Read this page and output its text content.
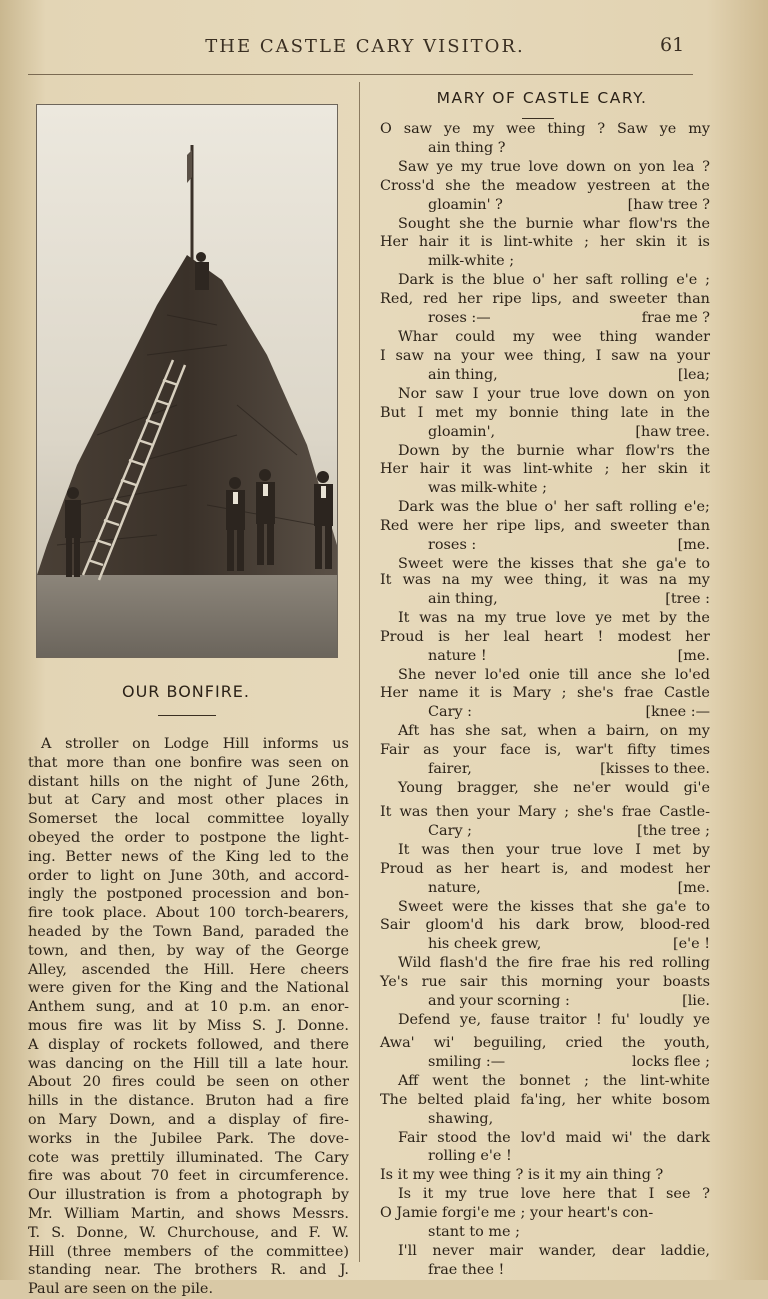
THE CASTLE CARY VISITOR.	61
OUR BONFIRE.
A stroller on Lodge Hill informs us
that more than one bonfire was seen on
distant hills on the night of June 26th,
but at Cary and most other places in
Somerset the local committee loyally
obeyed the order to postpone the light-
ing. Better news of the King led to the
order to light on June 30th, and accord-
ingly the postponed procession and bon-
fire took place. About 100 torch-bearers,
headed by the Town Band, paraded the
town, and then, by way of the George
Alley, ascended the Hill. Here cheers
were given for the King and the National
Anthem sung, and at 10 p.m. an enor-
mous fire was lit by Miss S. J. Donne.
A display of rockets followed, and there
was dancing on the Hill till a late hour.
About 20 fires could be seen on other
hills in the distance. Bruton had a fire
on Mary Down, and a display of fire-
works in the Jubilee Park. The dove-
cote was prettily illuminated. The Cary
fire was about 70 feet in circumference.
Our illustration is from a photograph by
Mr. William Martin, and shows Messrs.
T. S. Donne, W. Churchouse, and F. W.
Hill (three members of the committee)
standing near. The brothers R. and J.
Paul are seen on the pile.
MARY OF CASTLE CARY.
O saw ye my wee thing ? Saw ye my
ain thing ?
Saw ye my true love down on yon lea ?
Cross'd she the meadow yestreen at the
gloamin' ?	[haw tree ?
Sought she the burnie whar flow'rs the
Her hair it is lint-white ; her skin it is
milk-white ;
Dark is the blue o' her saft rolling e'e ;
Red, red her ripe lips, and sweeter than
roses :—	frae me ?
Whar could my wee thing wander
I saw na your wee thing, I saw na your
ain thing,	[lea;
Nor saw I your true love down on yon
But I met my bonnie thing late in the
gloamin',	[haw tree.
Down by the burnie whar flow'rs the
Her hair it was lint-white ; her skin it
was milk-white ;
Dark was the blue o' her saft rolling e'e;
Red were her ripe lips, and sweeter than
roses :	[me.
Sweet were the kisses that she ga'e to
It was na my wee thing, it was na my
ain thing,	[tree :
It was na my true love ye met by the
Proud is her leal heart ! modest her
nature !	[me.
She never lo'ed onie till ance she lo'ed
Her name it is Mary ; she's frae Castle
Cary :	[knee :—
Aft has she sat, when a bairn, on my
Fair as your face is, war't fifty times
fairer,	[kisses to thee.
Young bragger, she ne'er would gi'e
It was then your Mary ; she's frae Castle-
Cary ;	[the tree ;
It was then your true love I met by
Proud as her heart is, and modest her
nature,	[me.
Sweet were the kisses that she ga'e to
Sair gloom'd his dark brow, blood-red
his cheek grew,	[e'e !
Wild flash'd the fire frae his red rolling
Ye's rue sair this morning your boasts
and your scorning :	[lie.
Defend ye, fause traitor ! fu' loudly ye
Awa' wi' beguiling, cried the youth,
smiling :—	locks flee ;
Aff went the bonnet ; the lint-white
The belted plaid fa'ing, her white bosom
shawing,
Fair stood the lov'd maid wi' the dark
rolling e'e !
Is it my wee thing ? is it my ain thing ?
Is it my true love here that I see ?
O Jamie forgi'e me ; your heart's con-
stant to me ;
I'll never mair wander, dear laddie,
frae thee !
